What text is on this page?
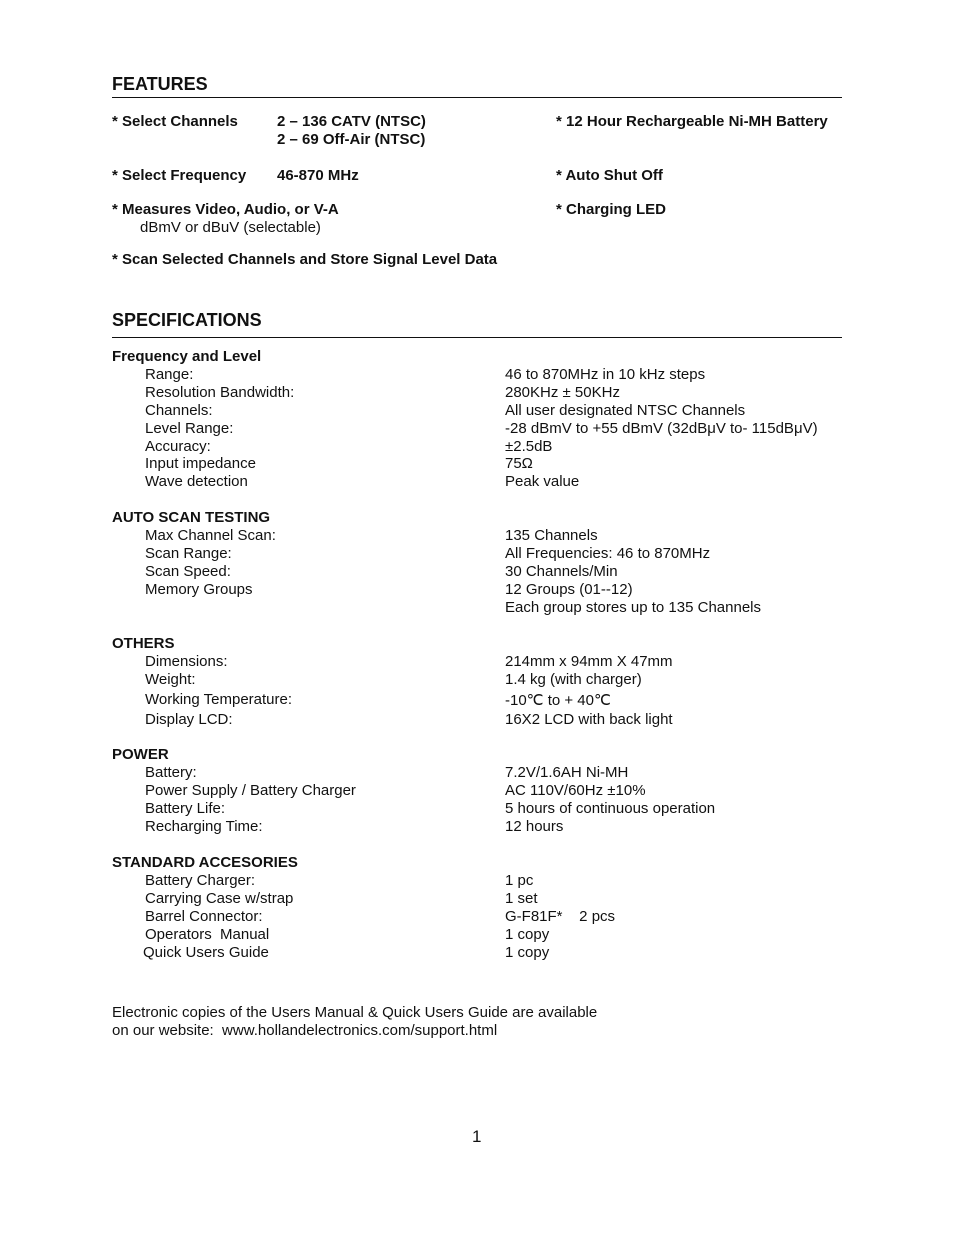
FEATURES
* Select Channels	2 – 136 CATV (NTSC)
2 – 69 Off-Air (NTSC)
* 12 Hour Rechargeable Ni-MH Battery
* Select Frequency 46-870 MHz	* Auto Shut Off
* Measures Video, Audio, or V-A
dBmV or dBuV (selectable)
* Charging LED
* Scan Selected Channels and Store Signal Level Data
SPECIFICATIONS
Frequency and Level
Range:	46 to 870MHz in 10 kHz steps
Resolution Bandwidth:	280KHz ± 50KHz
Channels:	All user designated NTSC Channels
Level Range:	-28 dBmV to +55 dBmV (32dBμV to- 115dBμV)
Accuracy:	±2.5dB
Input impedance	75Ω
Wave detection	Peak value
AUTO SCAN TESTING
Max Channel Scan:	135 Channels
Scan Range:	All Frequencies: 46 to 870MHz
Scan Speed:	30 Channels/Min
Memory Groups	12 Groups (01--12)
Each group stores up to 135 Channels
OTHERS
Dimensions:	214mm x 94mm X 47mm
Weight:	1.4 kg (with charger)
Working Temperature:	-10℃ to + 40℃
Display LCD:	16X2 LCD with back light
POWER
Battery:	7.2V/1.6AH Ni-MH
Power Supply / Battery Charger	AC 110V/60Hz ±10%
Battery Life:	5 hours of continuous operation
Recharging Time:	12 hours
STANDARD ACCESORIES
Battery Charger:	1 pc
Carrying Case w/strap	1 set
Barrel Connector:	G-F81F*    2 pcs
Operators  Manual	1 copy
Quick Users Guide	1 copy
Electronic copies of the Users Manual & Quick Users Guide are available
on our website:  www.hollandelectronics.com/support.html
1
